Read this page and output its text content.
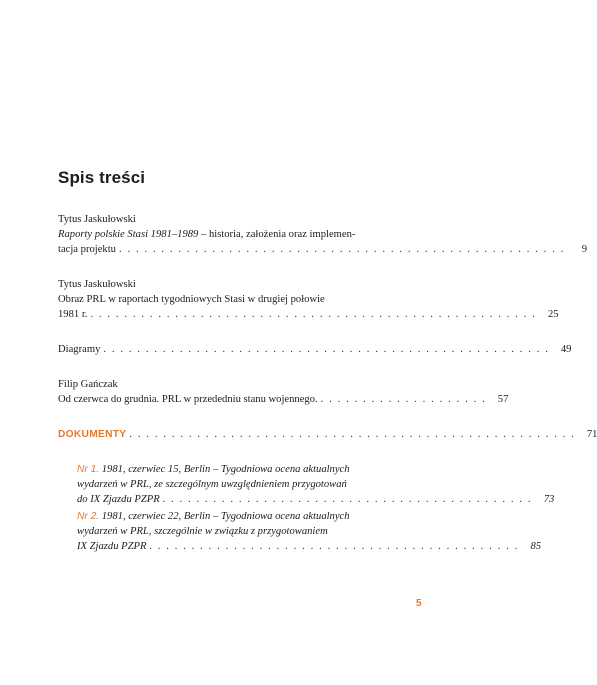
Spis treści
Tytus Jaskułowski
Raporty polskie Stasi 1981–1989 – historia, założenia oraz implemen-
tacja projektu . . . . . . . . . . . . . . . . . . . . . . . . . . . . . . . . . . . . . . . . . . . . . . . . . . . . .	9
Tytus Jaskułowski
Obraz PRL w raportach tygodniowych Stasi w drugiej połowie
1981 r. . . . . . . . . . . . . . . . . . . . . . . . . . . . . . . . . . . . . . . . . . . . . . . . . . . . . .	25
Diagramy . . . . . . . . . . . . . . . . . . . . . . . . . . . . . . . . . . . . . . . . . . . . . . . . . . . . .	49
Filip Gańczak
Od czerwca do grudnia. PRL w przededniu stanu wojennego. . . . . . . . . . . . . . . . . . . . .	57
DOKUMENTY . . . . . . . . . . . . . . . . . . . . . . . . . . . . . . . . . . . . . . . . . . . . . . . . . . . . .	71
Nr 1. 1981, czerwiec 15, Berlin – Tygodniowa ocena aktualnych
wydarzeń w PRL, ze szczególnym uwzględnieniem przygotowań
do IX Zjazdu PZPR . . . . . . . . . . . . . . . . . . . . . . . . . . . . . . . . . . . . . . . . . . . .	73
Nr 2. 1981, czerwiec 22, Berlin – Tygodniowa ocena aktualnych
wydarzeń w PRL, szczególnie w związku z przygotowaniem
IX Zjazdu PZPR . . . . . . . . . . . . . . . . . . . . . . . . . . . . . . . . . . . . . . . . . . . .	85
5
